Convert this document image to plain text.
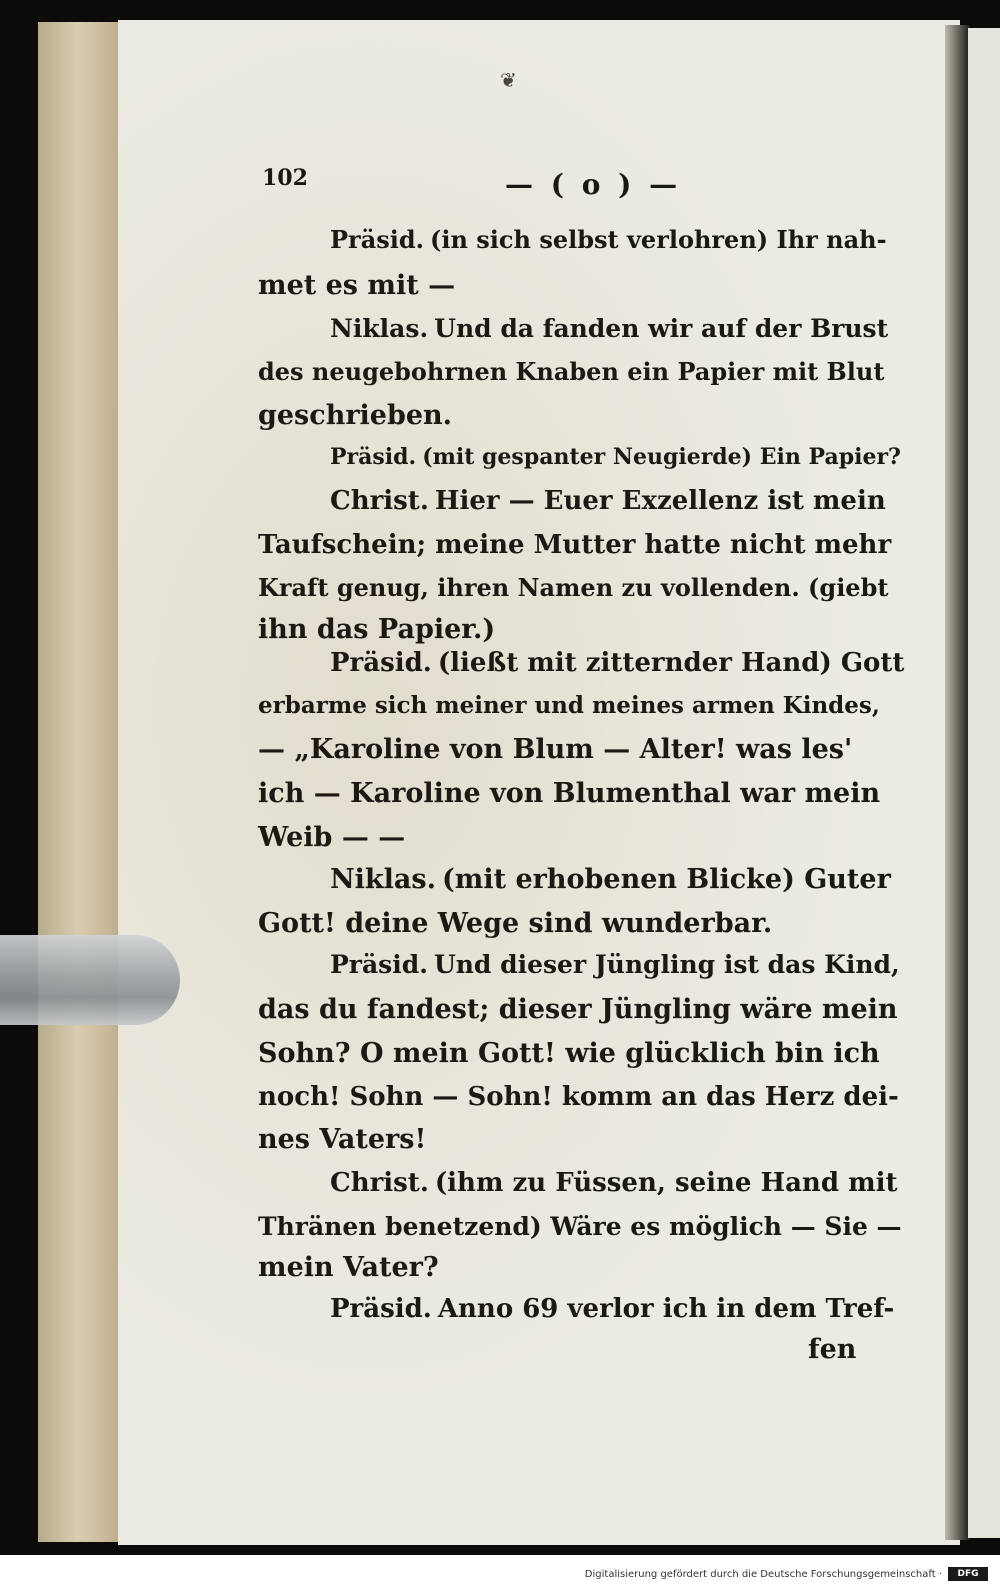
❦
102	— ( o ) —
Präsid. (in sich selbst verlohren) Ihr nah-
met es mit —
Niklas. Und da fanden wir auf der Brust
des neugebohrnen Knaben ein Papier mit Blut
geschrieben.
Präsid. (mit gespanter Neugierde) Ein Papier?
Christ. Hier — Euer Exzellenz ist mein
Taufschein; meine Mutter hatte nicht mehr
Kraft genug, ihren Namen zu vollenden. (giebt
ihn das Papier.)
Präsid. (ließt mit zitternder Hand) Gott
erbarme sich meiner und meines armen Kindes,
— „Karoline von Blum — Alter! was les'
ich — Karoline von Blumenthal war mein
Weib — —
Niklas. (mit erhobenen Blicke) Guter
Gott! deine Wege sind wunderbar.
Präsid. Und dieser Jüngling ist das Kind,
das du fandest; dieser Jüngling wäre mein
Sohn? O mein Gott! wie glücklich bin ich
noch! Sohn — Sohn! komm an das Herz dei-
nes Vaters!
Christ. (ihm zu Füssen, seine Hand mit
Thränen benetzend) Wäre es möglich — Sie —
mein Vater?
Präsid. Anno 69 verlor ich in dem Tref-
fen
Digitalisierung gefördert durch die Deutsche Forschungsgemeinschaft ·	DFG
